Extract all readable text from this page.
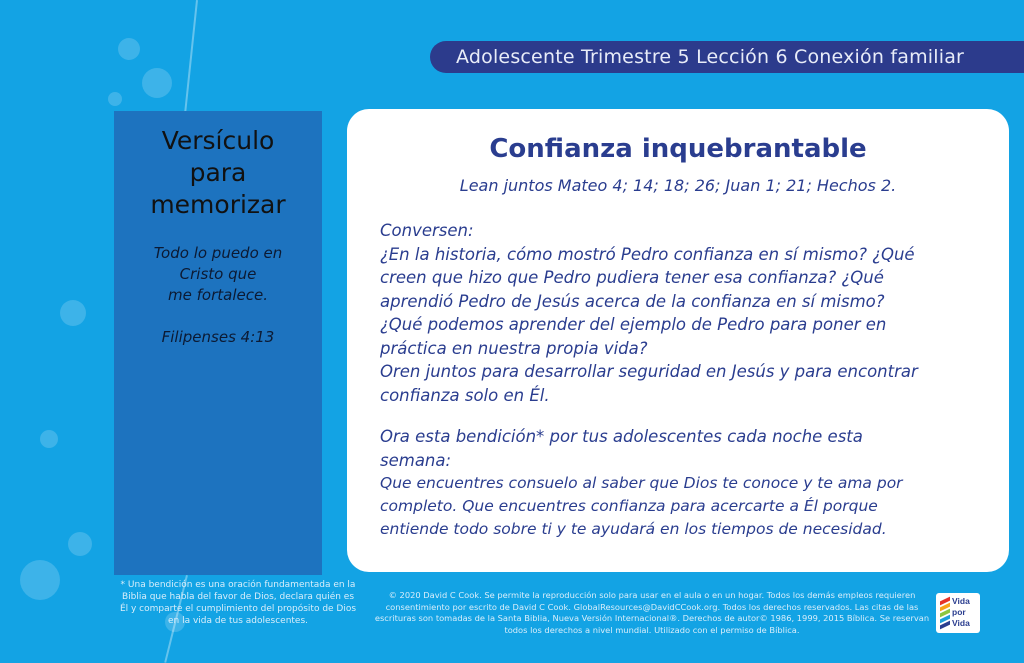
Adolescente Trimestre 5 Lección 6 Conexión familiar
Versículo
para
memorizar
Todo lo puedo en
Cristo que
me fortalece.
Filipenses 4:13
* Una bendición es una oración fundamentada en la Biblia que habla del favor de Dios, declara quién es Él y comparte el cumplimiento del propósito de Dios en la vida de tus adolescentes.
Confianza inquebrantable
Lean juntos Mateo 4; 14; 18; 26; Juan 1; 21; Hechos 2.
Conversen:
¿En la historia, cómo mostró Pedro confianza en sí mismo? ¿Qué
creen que hizo que Pedro pudiera tener esa confianza? ¿Qué
aprendió Pedro de Jesús acerca de la confianza en sí mismo?
¿Qué podemos aprender del ejemplo de Pedro para poner en
práctica en nuestra propia vida?
Oren juntos para desarrollar seguridad en Jesús y para encontrar
confianza solo en Él.
Ora esta bendición* por tus adolescentes cada noche esta
semana:
Que encuentres consuelo al saber que Dios te conoce y te ama por
completo. Que encuentres confianza para acercarte a Él porque
entiende todo sobre ti y te ayudará en los tiempos de necesidad.
© 2020 David C Cook. Se permite la reproducción solo para usar en el aula o en un hogar. Todos los demás empleos requieren consentimiento por escrito de David C Cook. GlobalResources@DavidCCook.org. Todos los derechos reservados. Las citas de las escrituras son tomadas de la Santa Biblia, Nueva Versión Internacional®. Derechos de autor© 1986, 1999, 2015 Bíblica. Se reservan todos los derechos a nivel mundial. Utilizado con el permiso de Bíblica.
Vida
por
Vida
